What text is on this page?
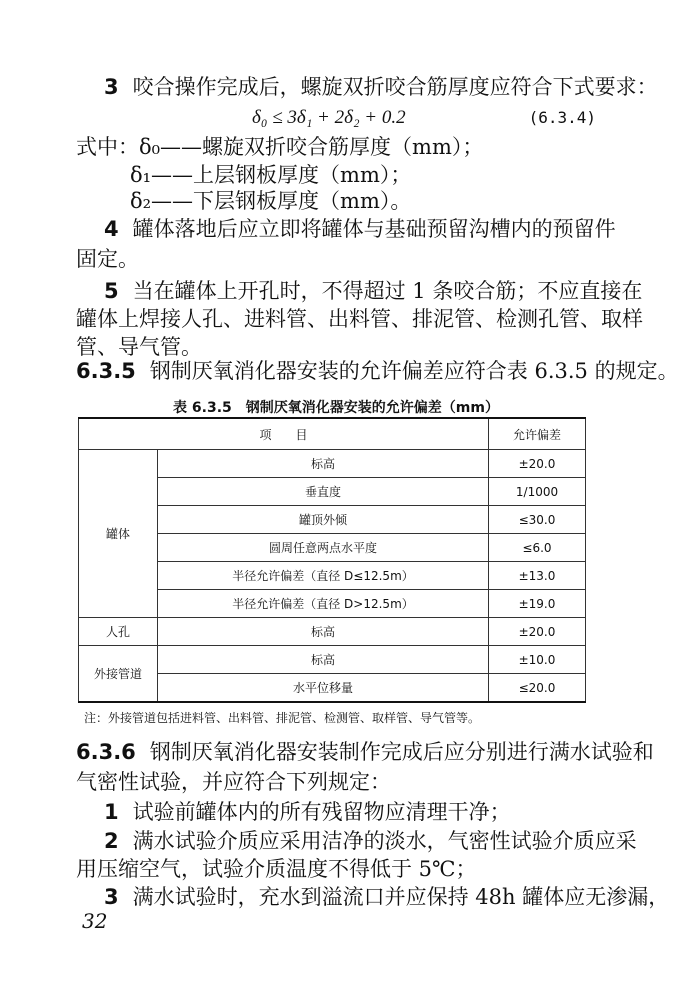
3 咬合操作完成后，螺旋双折咬合筋厚度应符合下式要求：
δ₀ ≤ 3δ₁ + 2δ₂ + 0.2	(6.3.4)
式中：δ₀——螺旋双折咬合筋厚度（mm）；
δ₁——上层钢板厚度（mm）；
δ₂——下层钢板厚度（mm）。
4 罐体落地后应立即将罐体与基础预留沟槽内的预留件
固定。
5 当在罐体上开孔时，不得超过 1 条咬合筋；不应直接在
罐体上焊接人孔、进料管、出料管、排泥管、检测孔管、取样
管、导气管。
6.3.5 钢制厌氧消化器安装的允许偏差应符合表 6.3.5 的规定。
表 6.3.5　 钢制厌氧消化器安装的允许偏差（mm）
项　　目		允许偏差
罐体	标高	±20.0
	垂直度	1/1000
	罐顶外倾	≤30.0
	圆周任意两点水平度	≤6.0
	半径允许偏差（直径 D≤12.5m）	±13.0
	半径允许偏差（直径 D>12.5m）	±19.0
人孔	标高	±20.0
外接管道	标高	±10.0
	水平位移量	≤20.0
注：外接管道包括进料管、出料管、排泥管、检测管、取样管、导气管等。
6.3.6 钢制厌氧消化器安装制作完成后应分别进行满水试验和
气密性试验，并应符合下列规定：
1 试验前罐体内的所有残留物应清理干净；
2 满水试验介质应采用洁净的淡水，气密性试验介质应采
用压缩空气，试验介质温度不得低于 5℃；
3 满水试验时，充水到溢流口并应保持 48h 罐体应无渗漏，
32
